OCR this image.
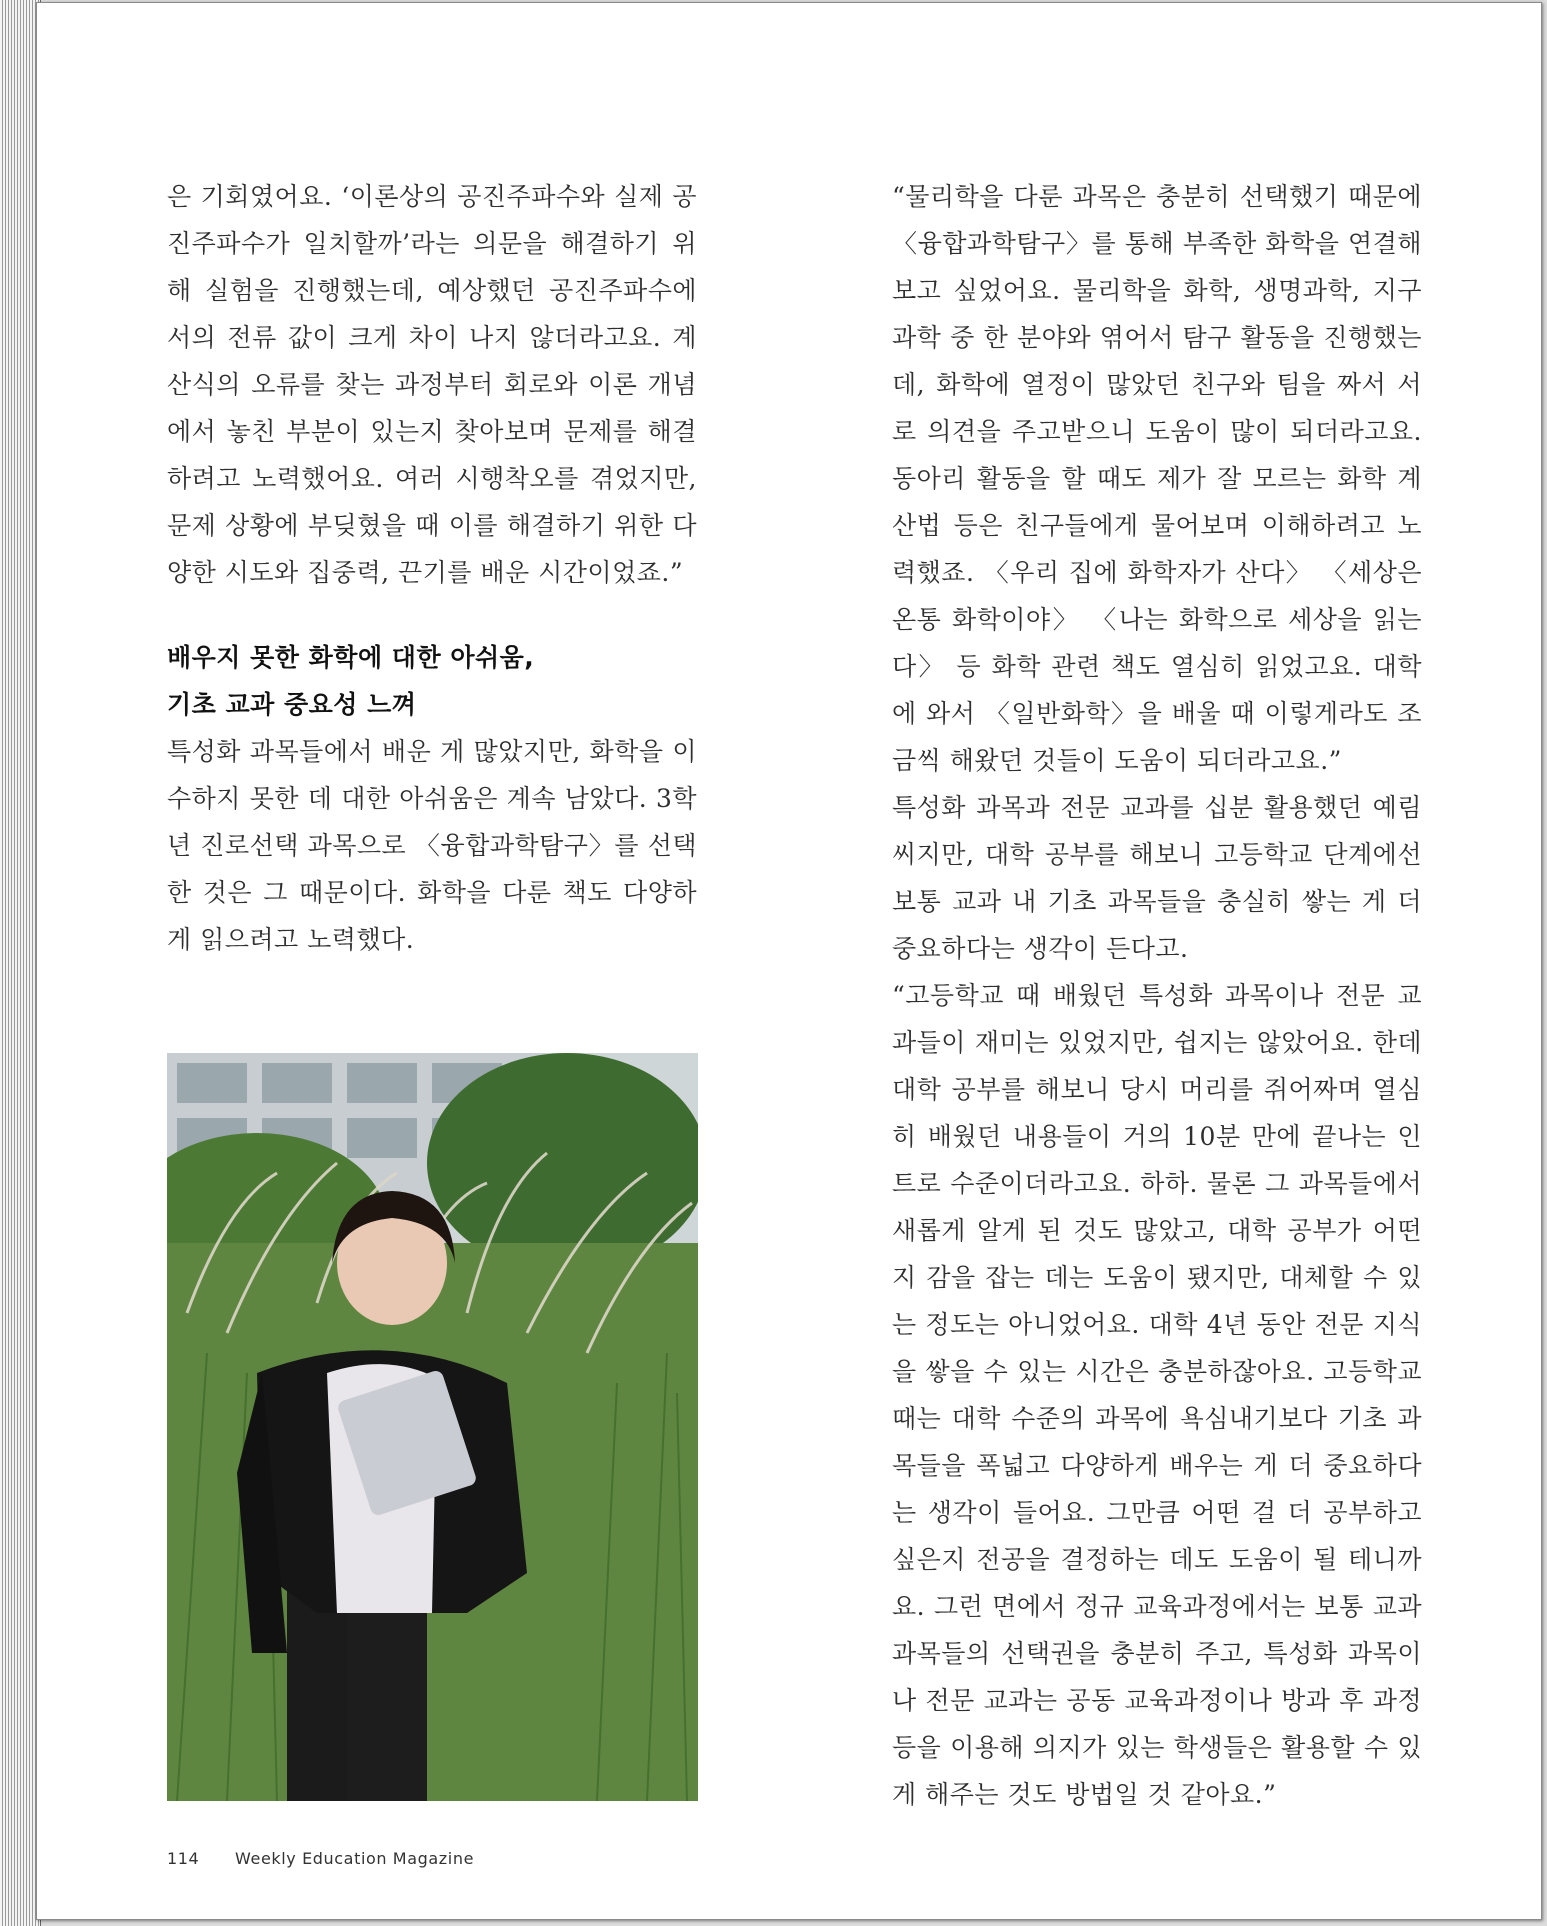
은 기회였어요. ‘이론상의 공진주파수와 실제 공진주파수가 일치할까’라는 의문을 해결하기 위해 실험을 진행했는데, 예상했던 공진주파수에서의 전류 값이 크게 차이 나지 않더라고요. 계산식의 오류를 찾는 과정부터 회로와 이론 개념에서 놓친 부분이 있는지 찾아보며 문제를 해결하려고 노력했어요. 여러 시행착오를 겪었지만, 문제 상황에 부딪혔을 때 이를 해결하기 위한 다양한 시도와 집중력, 끈기를 배운 시간이었죠.”

배우지 못한 화학에 대한 아쉬움,

기초 교과 중요성 느껴

특성화 과목들에서 배운 게 많았지만, 화학을 이수하지 못한 데 대한 아쉬움은 계속 남았다. 3학년 진로선택 과목으로 〈융합과학탐구〉를 선택한 것은 그 때문이다. 화학을 다룬 책도 다양하게 읽으려고 노력했다.

“물리학을 다룬 과목은 충분히 선택했기 때문에 〈융합과학탐구〉를 통해 부족한 화학을 연결해보고 싶었어요. 물리학을 화학, 생명과학, 지구과학 중 한 분야와 엮어서 탐구 활동을 진행했는데, 화학에 열정이 많았던 친구와 팀을 짜서 서로 의견을 주고받으니 도움이 많이 되더라고요. 동아리 활동을 할 때도 제가 잘 모르는 화학 계산법 등은 친구들에게 물어보며 이해하려고 노력했죠. 〈우리 집에 화학자가 산다〉 〈세상은 온통 화학이야〉 〈나는 화학으로 세상을 읽는다〉 등 화학 관련 책도 열심히 읽었고요. 대학에 와서 〈일반화학〉을 배울 때 이렇게라도 조금씩 해왔던 것들이 도움이 되더라고요.”

특성화 과목과 전문 교과를 십분 활용했던 예림씨지만, 대학 공부를 해보니 고등학교 단계에선 보통 교과 내 기초 과목들을 충실히 쌓는 게 더 중요하다는 생각이 든다고.

“고등학교 때 배웠던 특성화 과목이나 전문 교과들이 재미는 있었지만, 쉽지는 않았어요. 한데 대학 공부를 해보니 당시 머리를 쥐어짜며 열심히 배웠던 내용들이 거의 10분 만에 끝나는 인트로 수준이더라고요. 하하. 물론 그 과목들에서 새롭게 알게 된 것도 많았고, 대학 공부가 어떤지 감을 잡는 데는 도움이 됐지만, 대체할 수 있는 정도는 아니었어요. 대학 4년 동안 전문 지식을 쌓을 수 있는 시간은 충분하잖아요. 고등학교 때는 대학 수준의 과목에 욕심내기보다 기초 과목들을 폭넓고 다양하게 배우는 게 더 중요하다는 생각이 들어요. 그만큼 어떤 걸 더 공부하고 싶은지 전공을 결정하는 데도 도움이 될 테니까요. 그런 면에서 정규 교육과정에서는 보통 교과 과목들의 선택권을 충분히 주고, 특성화 과목이나 전문 교과는 공동 교육과정이나 방과 후 과정 등을 이용해 의지가 있는 학생들은 활용할 수 있게 해주는 것도 방법일 것 같아요.”

114 Weekly Education Magazine
